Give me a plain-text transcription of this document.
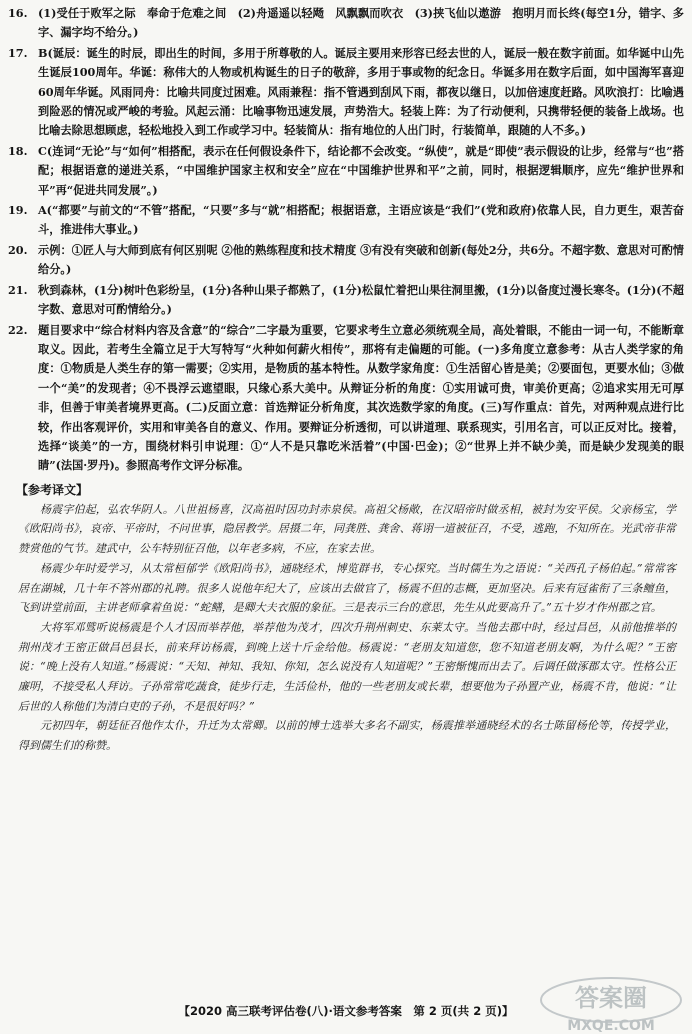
16. (1)受任于败军之际　奉命于危难之间　(2)舟遥遥以轻飏　风飘飘而吹衣　(3)挟飞仙以遨游　抱明月而长终(每空1分，错字、多字、漏字均不给分。)

17. B(诞辰：诞生的时辰，即出生的时间，多用于所尊敬的人。诞辰主要用来形容已经去世的人，诞辰一般在数字前面。如华诞中山先生诞辰100周年。华诞：称伟大的人物或机构诞生的日子的敬辞，多用于事或物的纪念日。华诞多用在数字后面，如中国海军喜迎60周年华诞。风雨同舟：比喻共同度过困难。风雨兼程：指不管遇到刮风下雨，都夜以继日，以加倍速度赶路。风吹浪打：比喻遇到险恶的情况或严峻的考验。风起云涌：比喻事物迅速发展，声势浩大。轻装上阵：为了行动便利，只携带轻便的装备上战场。也比喻去除思想顾虑，轻松地投入到工作或学习中。轻装简从：指有地位的人出门时，行装简单，跟随的人不多。)

18. C(连词“无论”与“如何”相搭配，表示在任何假设条件下，结论都不会改变。“纵使”，就是“即使”表示假设的让步，经常与“也”搭配；根据语意的递进关系，“中国维护国家主权和安全”应在“中国维护世界和平”之前，同时，根据逻辑顺序，应先“维护世界和平”再“促进共同发展”。)

19. A(“都要”与前文的“不管”搭配，“只要”多与“就”相搭配；根据语意，主语应该是“我们”(党和政府)依靠人民，自力更生，艰苦奋斗，推进伟大事业。)

20. 示例：①匠人与大师到底有何区别呢 ②他的熟练程度和技术精度 ③有没有突破和创新(每处2分，共6分。不超字数、意思对可酌情给分。)

21. 秋到森林，(1分)树叶色彩纷呈，(1分)各种山果子都熟了，(1分)松鼠忙着把山果往洞里搬，(1分)以备度过漫长寒冬。(1分)(不超字数、意思对可酌情给分。)

22. 题目要求中“综合材料内容及含意”的“综合”二字最为重要，它要求考生立意必须统观全局，高处着眼，不能由一词一句，不能断章取义。因此，若考生全篇立足于大写特写“火种如何薪火相传”，那将有走偏题的可能。(一)多角度立意参考：从古人类学家的角度：①物质是人类生存的第一需要；②实用，是物质的基本特性。从数学家角度：①生活留心皆是美；②要面包，更要水仙；③做一个“美”的发现者；④不畏浮云遮望眼，只缘心系大美中。从辩证分析的角度：①实用诚可贵，审美价更高；②追求实用无可厚非，但善于审美者境界更高。(二)反面立意：首选辩证分析角度，其次选数学家的角度。(三)写作重点：首先，对两种观点进行比较，作出客观评价，实用和审美各自的意义、作用。要辩证分析透彻，可以讲道理、联系现实，引用名言，可以正反对比。接着，选择“谈美”的一方，围绕材料引申说理：①“人不是只靠吃米活着”(中国·巴金)；②“世界上并不缺少美，而是缺少发现美的眼睛”(法国·罗丹)。参照高考作文评分标准。

【参考译文】

杨震字伯起，弘农华阴人。八世祖杨喜，汉高祖时因功封赤泉侯。高祖父杨敞，在汉昭帝时做丞相，被封为安平侯。父亲杨宝，学《欧阳尚书》，哀帝、平帝时，不问世事，隐居教学。居摄二年，同龚胜、龚舍、蒋诩一道被征召，不受，逃跑，不知所在。光武帝非常赞赏他的气节。建武中，公车特别征召他，以年老多病，不应，在家去世。

杨震少年时爱学习，从太常桓郁学《欧阳尚书》，通晓经术，博览群书，专心探究。当时儒生为之语说：“关西孔子杨伯起。”常常客居在湖城，几十年不答州郡的礼聘。很多人说他年纪大了，应该出去做官了，杨震不但的志概，更加坚决。后来有冠雀衔了三条鳣鱼，飞到讲堂前面，主讲老师拿着鱼说：“蛇鳝，是卿大夫衣服的象征。三是表示三台的意思，先生从此要高升了。”五十岁才作州郡之官。

大将军邓骘听说杨震是个人才因而举荐他，举荐他为茂才，四次升荆州刺史、东莱太守。当他去郡中时，经过昌邑，从前他推举的荆州茂才王密正做昌邑县长，前来拜访杨震，到晚上送十斤金给他。杨震说：“老朋友知道您，您不知道老朋友啊，为什么呢？”王密说：“晚上没有人知道。”杨震说：“天知、神知、我知、你知，怎么说没有人知道呢？”王密惭愧而出去了。后调任做涿郡太守。性格公正廉明，不接受私人拜访。子孙常常吃蔬食，徒步行走，生活俭朴，他的一些老朋友或长辈，想要他为子孙置产业，杨震不肯，他说：“让后世的人称他们为清白吏的子孙，不是很好吗？”

元初四年，朝廷征召他作太仆，升迁为太常卿。以前的博士选举大多名不副实，杨震推举通晓经术的名士陈留杨伦等，传授学业，得到儒生们的称赞。

【2020 高三联考评估卷(八)·语文参考答案　第 2 页(共 2 页)】	答案圈
MXQE.COM
